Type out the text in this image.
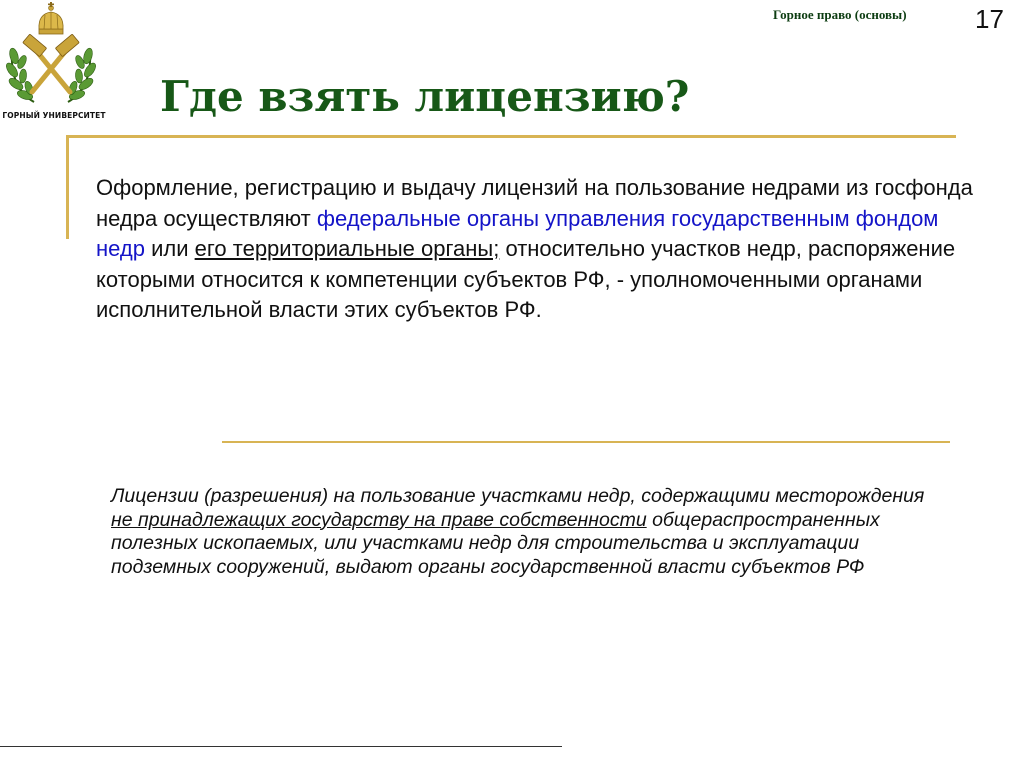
ГОРНЫЙ УНИВЕРСИТЕТ
Горное право (основы)	17
Где взять лицензию?
Оформление, регистрацию и выдачу лицензий на пользование недрами из госфонда недра осуществляют федеральные органы управления государственным фондом недр или его территориальные органы; относительно участков недр, распоряжение которыми относится к компетенции субъектов РФ, - уполномоченными органами исполнительной власти этих субъектов РФ.
Лицензии (разрешения) на пользование участками недр, содержащими месторождения не принадлежащих государству на праве собственности общераспространенных полезных ископаемых, или участками недр для строительства и эксплуатации подземных сооружений, выдают органы государственной власти субъектов РФ
